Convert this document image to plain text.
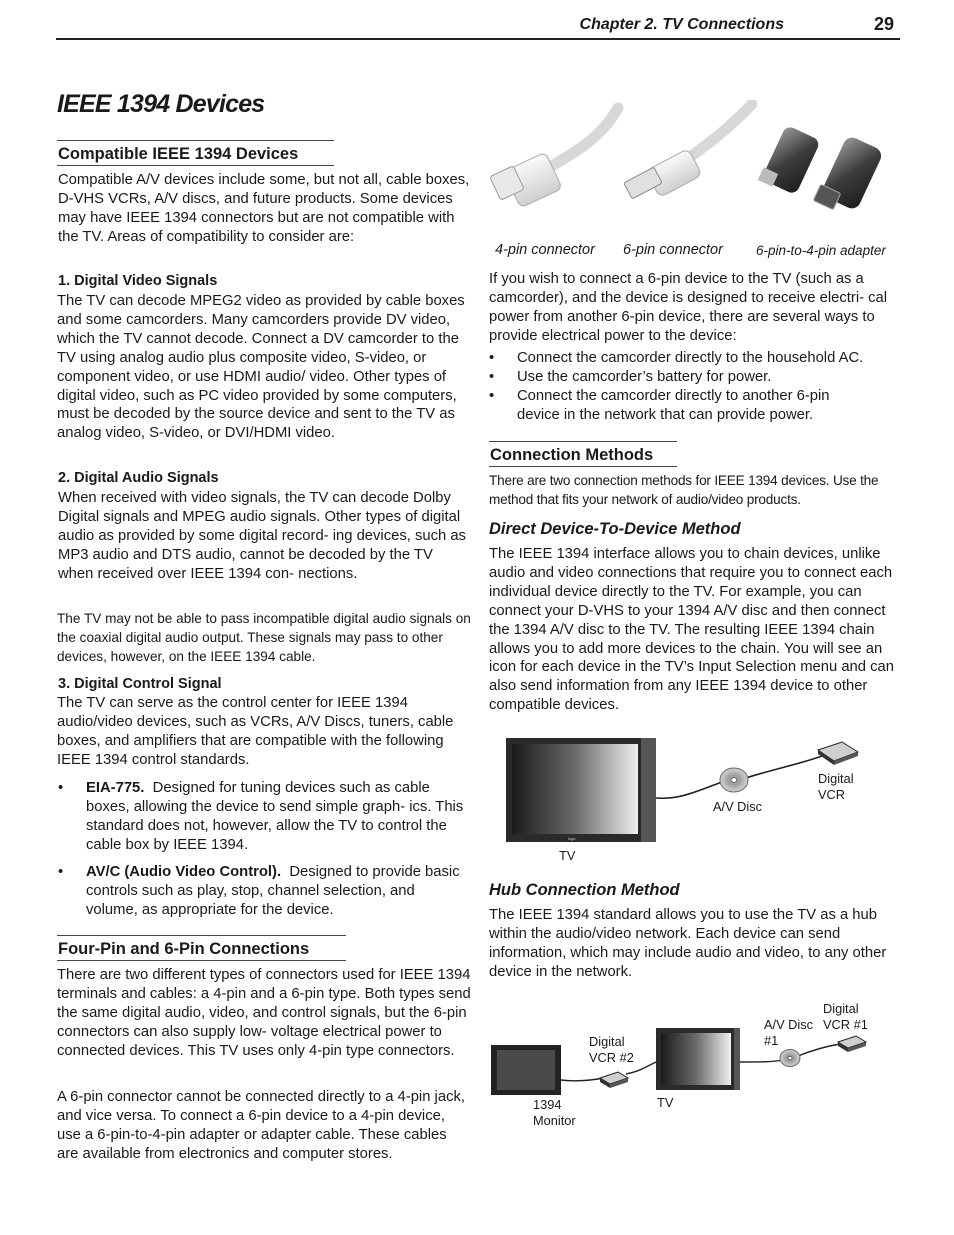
Chapter 2. TV Connections	29
IEEE 1394 Devices
Compatible IEEE 1394 Devices
Compatible A/V devices include some, but not all, cable boxes, D-VHS VCRs, A/V discs, and future products. Some devices may have IEEE 1394 connectors but are not compatible with the TV. Areas of compatibility to consider are:
1. Digital Video Signals
The TV can decode MPEG2 video as provided by cable boxes and some camcorders. Many camcorders provide DV video, which the TV cannot decode. Connect a DV camcorder to the TV using analog audio plus composite video, S-video, or component video, or use HDMI audio/ video. Other types of digital video, such as PC video provided by some computers, must be decoded by the source device and sent to the TV as analog video, S-video, or DVI/HDMI video.
2. Digital Audio Signals
When received with video signals, the TV can decode Dolby Digital signals and MPEG audio signals. Other types of digital audio as provided by some digital record- ing devices, such as MP3 audio and DTS audio, cannot be decoded by the TV when received over IEEE 1394 con- nections.
The TV may not be able to pass incompatible digital audio signals on the coaxial digital audio output. These signals may pass to other devices, however, on the IEEE 1394 cable.
3. Digital Control Signal
The TV can serve as the control center for IEEE 1394 audio/video devices, such as VCRs, A/V Discs, tuners, cable boxes, and amplifiers that are compatible with the following IEEE 1394 control standards.
• EIA-775. Designed for tuning devices such as cable boxes, allowing the device to send simple graph- ics. This standard does not, however, allow the TV to control the cable box by IEEE 1394.
• AV/C (Audio Video Control). Designed to provide basic controls such as play, stop, channel selection, and volume, as appropriate for the device.
Four-Pin and 6-Pin Connections
There are two different types of connectors used for IEEE 1394 terminals and cables: a 4-pin and a 6-pin type. Both types send the same digital audio, video, and control signals, but the 6-pin connectors can also supply low- voltage electrical power to connected devices. This TV uses only 4-pin type connectors.
A 6-pin connector cannot be connected directly to a 4-pin jack, and vice versa. To connect a 6-pin device to a 4-pin device, use a 6-pin-to-4-pin adapter or adapter cable. These cables are available from electronics and computer stores.
4-pin connector 6-pin connector 6-pin-to-4-pin adapter
If you wish to connect a 6-pin device to the TV (such as a camcorder), and the device is designed to receive electri- cal power from another 6-pin device, there are several ways to provide electrical power to the device:
• Connect the camcorder directly to the household AC.
• Use the camcorder’s battery for power.
• Connect the camcorder directly to another 6-pin device in the network that can provide power.
Connection Methods
There are two connection methods for IEEE 1394 devices. Use the method that fits your network of audio/video products.
Direct Device-To-Device Method
The IEEE 1394 interface allows you to chain devices, unlike audio and video connections that require you to connect each individual device directly to the TV. For example, you can connect your D-VHS to your 1394 A/V disc and then connect the 1394 A/V disc to the TV. The resulting IEEE 1394 chain allows you to add more devices to the chain. You will see an icon for each device in the TV’s Input Selection menu and can also send information from any IEEE 1394 device to other compatible devices.
logo
A/V Disc
Digital VCR
TV
Hub Connection Method
The IEEE 1394 standard allows you to use the TV as a hub within the audio/video network. Each device can send information, which may include audio and video, to any other device in the network.
1394 Monitor
Digital VCR #2
TV
A/V Disc #1
Digital VCR #1
